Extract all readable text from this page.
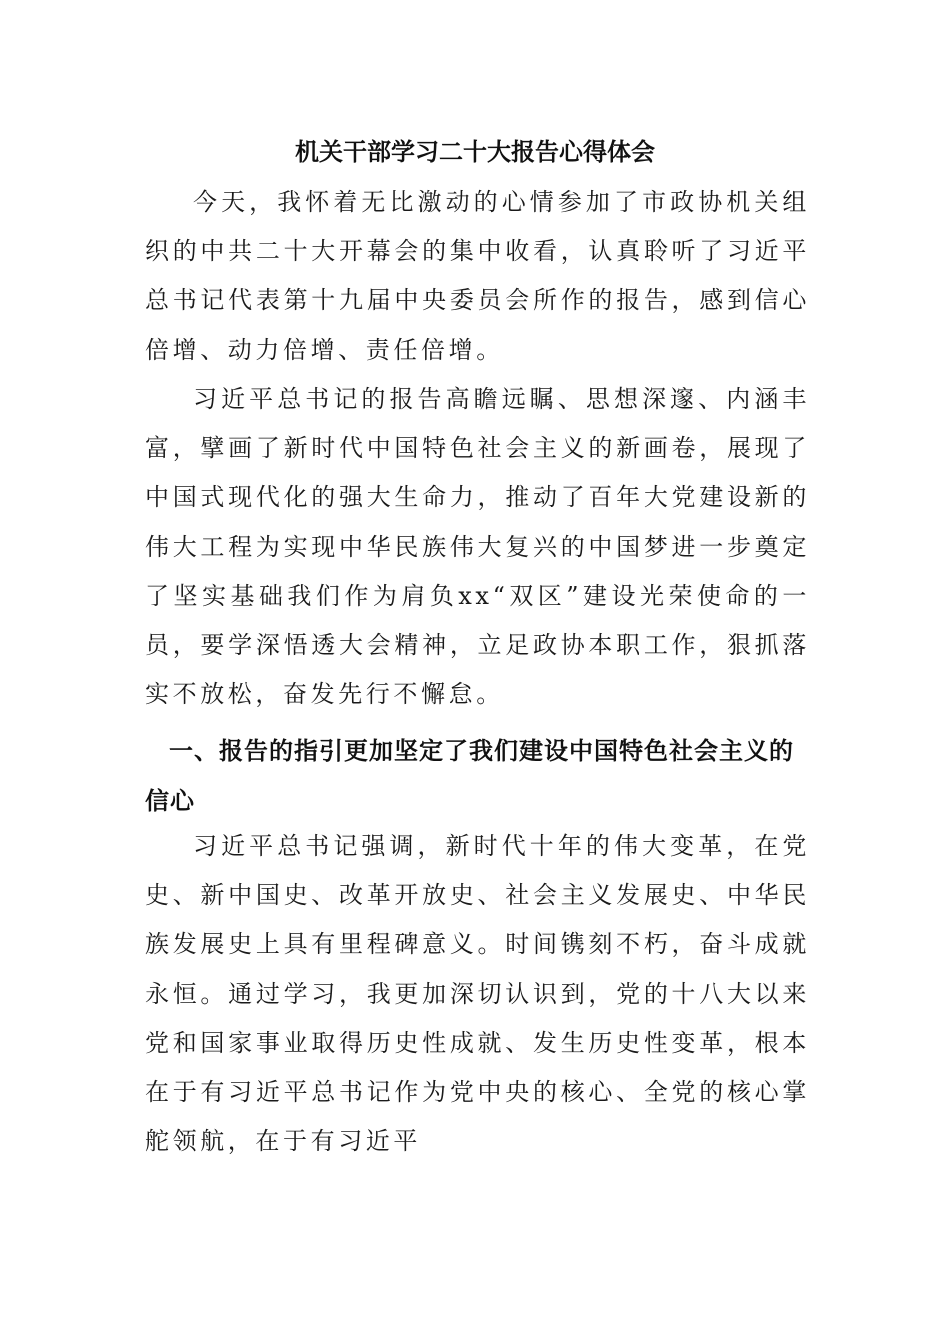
机关干部学习二十大报告心得体会

今天，我怀着无比激动的心情参加了市政协机关组织的中共二十大开幕会的集中收看，认真聆听了习近平总书记代表第十九届中央委员会所作的报告，感到信心倍增、动力倍增、责任倍增。

习近平总书记的报告高瞻远瞩、思想深邃、内涵丰富，擘画了新时代中国特色社会主义的新画卷，展现了中国式现代化的强大生命力，推动了百年大党建设新的伟大工程为实现中华民族伟大复兴的中国梦进一步奠定了坚实基础我们作为肩负xx“双区”建设光荣使命的一员，要学深悟透大会精神，立足政协本职工作，狠抓落实不放松，奋发先行不懈怠。

一、报告的指引更加坚定了我们建设中国特色社会主义的信心

习近平总书记强调，新时代十年的伟大变革，在党史、新中国史、改革开放史、社会主义发展史、中华民族发展史上具有里程碑意义。时间镌刻不朽，奋斗成就永恒。通过学习，我更加深切认识到，党的十八大以来党和国家事业取得历史性成就、发生历史性变革，根本在于有习近平总书记作为党中央的核心、全党的核心掌舵领航，在于有习近平
